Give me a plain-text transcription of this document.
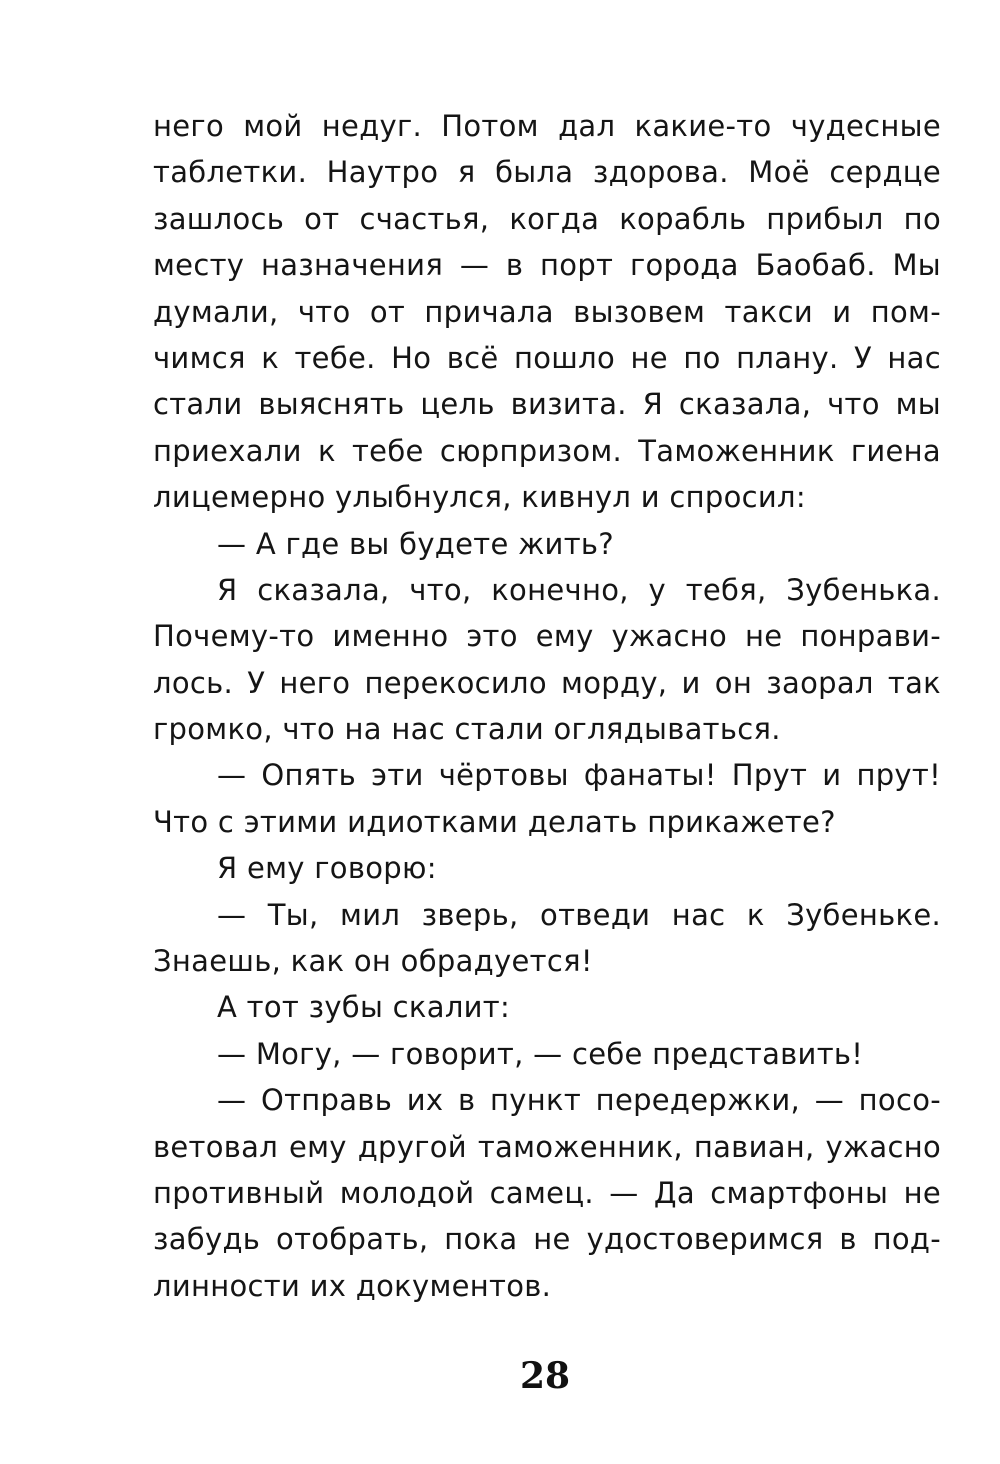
него мой недуг. Потом дал какие-то чудесные
таблетки. Наутро я была здорова. Моё сердце
зашлось от счастья, когда корабль прибыл по
месту назначения — в порт города Баобаб. Мы
думали, что от причала вызовем такси и пом-
чимся к тебе. Но всё пошло не по плану. У нас
стали выяснять цель визита. Я сказала, что мы
приехали к тебе сюрпризом. Таможенник гиена
лицемерно улыбнулся, кивнул и спросил:
— А где вы будете жить?
Я сказала, что, конечно, у тебя, Зубенька.
Почему-то именно это ему ужасно не понрави-
лось. У него перекосило морду, и он заорал так
громко, что на нас стали оглядываться.
— Опять эти чёртовы фанаты! Прут и прут!
Что с этими идиотками делать прикажете?
Я ему говорю:
— Ты, мил зверь, отведи нас к Зубеньке.
Знаешь, как он обрадуется!
А тот зубы скалит:
— Могу, — говорит, — себе представить!
— Отправь их в пункт передержки, — посо-
ветовал ему другой таможенник, павиан, ужасно
противный молодой самец. — Да смартфоны не
забудь отобрать, пока не удостоверимся в под-
линности их документов.
28
